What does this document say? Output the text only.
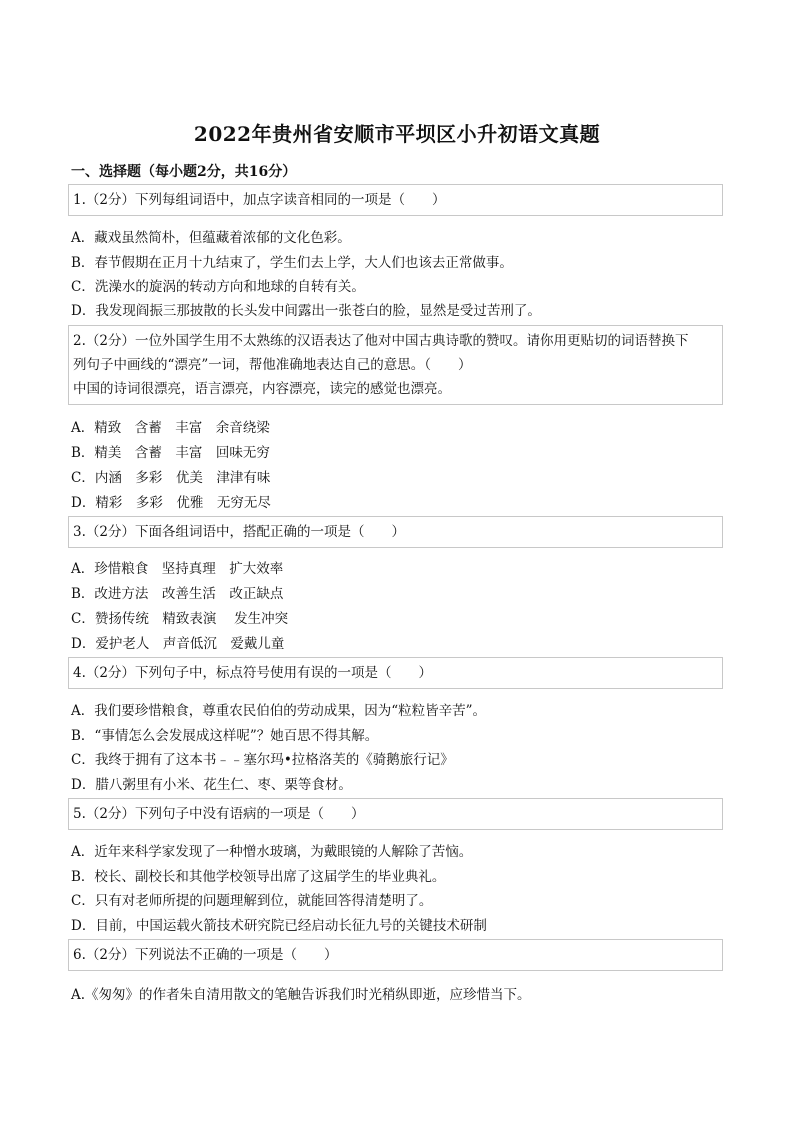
2022年贵州省安顺市平坝区小升初语文真题
一、选择题（每小题2分，共16分）
1.（2分）下列每组词语中，加点字读音相同的一项是（　　）
A．藏戏虽然简朴，但蕴藏着浓郁的文化色彩。
B．春节假期在正月十九结束了，学生们去上学，大人们也该去正常做事。
C．洗澡水的旋涡的转动方向和地球的自转有关。
D．我发现阎振三那披散的长头发中间露出一张苍白的脸，显然是受过苦刑了。
2.（2分）一位外国学生用不太熟练的汉语表达了他对中国古典诗歌的赞叹。请你用更贴切的词语替换下
列句子中画线的“漂亮”一词，帮他准确地表达自己的意思。（　　）
中国的诗词很漂亮，语言漂亮，内容漂亮，读完的感觉也漂亮。
A．精致　含蓄　丰富　余音绕梁
B．精美　含蓄　丰富　回味无穷
C．内涵　多彩　优美　津津有味
D．精彩　多彩　优雅　无穷无尽
3.（2分）下面各组词语中，搭配正确的一项是（　　）
A．珍惜粮食　坚持真理　扩大效率
B．改进方法　改善生活　改正缺点
C．赞扬传统　精致表演　 发生冲突
D．爱护老人　声音低沉　爱戴儿童
4.（2分）下列句子中，标点符号使用有误的一项是（　　）
A．我们要珍惜粮食，尊重农民伯伯的劳动成果，因为“粒粒皆辛苦”。
B．“事情怎么会发展成这样呢”？她百思不得其解。
C．我终于拥有了这本书﹣﹣塞尔玛•拉格洛芙的《骑鹅旅行记》
D．腊八粥里有小米、花生仁、枣、栗等食材。
5.（2分）下列句子中没有语病的一项是（　　）
A．近年来科学家发现了一种憎水玻璃，为戴眼镜的人解除了苦恼。
B．校长、副校长和其他学校领导出席了这届学生的毕业典礼。
C．只有对老师所提的问题理解到位，就能回答得清楚明了。
D．目前，中国运载火箭技术研究院已经启动长征九号的关键技术研制
6.（2分）下列说法不正确的一项是（　　）
A.《匆匆》的作者朱自清用散文的笔触告诉我们时光稍纵即逝，应珍惜当下。
